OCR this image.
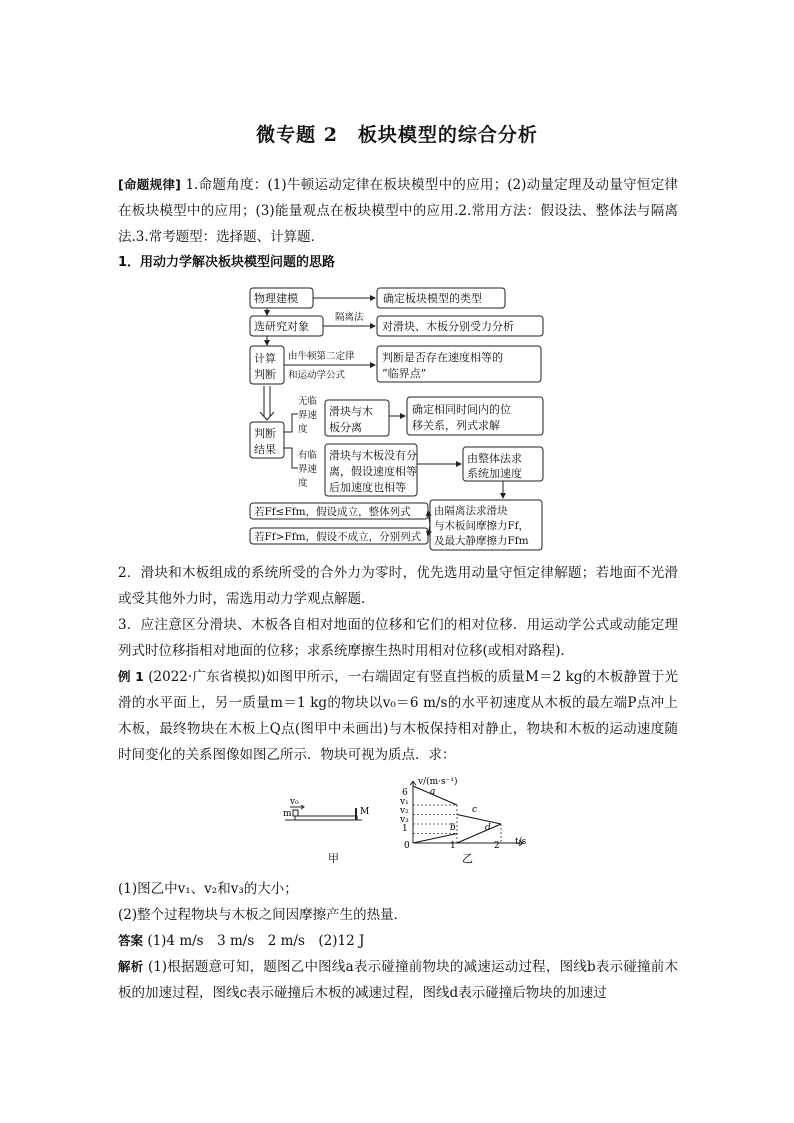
微专题 2　板块模型的综合分析

[命题规律] 1.命题角度：(1)牛顿运动定律在板块模型中的应用；(2)动量定理及动量守恒定律在板块模型中的应用；(3)能量观点在板块模型中的应用.2.常用方法：假设法、整体法与隔离法.3.常考题型：选择题、计算题．

1．用动力学解决板块模型问题的思路

物理建模	确定板块模型的类型
选研究对象
隔离法
对滑块、木板分别受力分析
计算
判断
由牛顿第二定律
和运动学公式
判断是否存在速度相等的
“临界点”
判断
结果
无临
界速
度
滑块与木
板分离
确定相同时间内的位
移关系，列式求解
有临
界速
度
滑块与木板没有分
离，假设速度相等
后加速度也相等
由整体法求
系统加速度
由隔离法求滑块
与木板间摩擦力Ff，
及最大静摩擦力Ffm
若Ff≤Ffm，假设成立，整体列式
若Ff>Ffm，假设不成立，分别列式

2．滑块和木板组成的系统所受的合外力为零时，优先选用动量守恒定律解题；若地面不光滑或受其他外力时，需选用动力学观点解题．

3．应注意区分滑块、木板各自相对地面的位移和它们的相对位移．用运动学公式或动能定理列式时位移指相对地面的位移；求系统摩擦生热时用相对位移(或相对路程)．

例 1 (2022·广东省模拟)如图甲所示，一右端固定有竖直挡板的质量M＝2 kg的木板静置于光滑的水平面上，另一质量m＝1 kg的物块以v₀＝6 m/s的水平初速度从木板的最左端P点冲上木板，最终物块在木板上Q点(图甲中未画出)与木板保持相对静止，物块和木板的运动速度随时间变化的关系图像如图乙所示．物块可视为质点．求：

v₀
m	M
甲
v/(m·s⁻¹)
t/s
6
v₁
v₂
v₃
1
0	1	2
a
b
c
d
乙

(1)图乙中v₁、v₂和v₃的大小；

(2)整个过程物块与木板之间因摩擦产生的热量．

答案 (1)4 m/s　3 m/s　2 m/s　(2)12 J

解析 (1)根据题意可知，题图乙中图线a表示碰撞前物块的减速运动过程，图线b表示碰撞前木板的加速过程，图线c表示碰撞后木板的减速过程，图线d表示碰撞后物块的加速过
